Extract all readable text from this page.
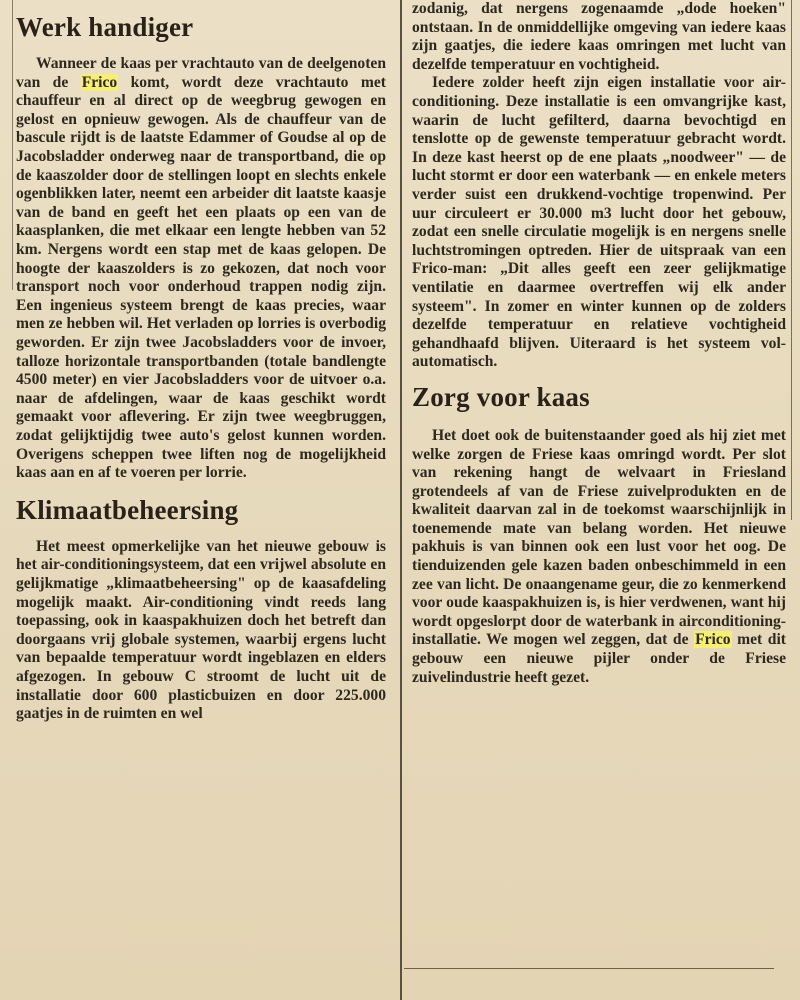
Werk handiger

Wanneer de kaas per vrachtauto van de deelgenoten van de Frico komt, wordt deze vrachtauto met chauffeur en al direct op de weegbrug gewogen en gelost en opnieuw gewogen. Als de chauffeur van de bascule rijdt is de laatste Edammer of Goudse al op de Jacobsladder onderweg naar de transportband, die op de kaaszolder door de stellingen loopt en slechts enkele ogenblikken later, neemt een arbeider dit laatste kaasje van de band en geeft het een plaats op een van de kaasplanken, die met elkaar een lengte hebben van 52 km. Nergens wordt een stap met de kaas gelopen. De hoogte der kaaszolders is zo gekozen, dat noch voor transport noch voor onderhoud trappen nodig zijn. Een ingenieus systeem brengt de kaas precies, waar men ze hebben wil. Het verladen op lorries is overbodig geworden. Er zijn twee Jacobsladders voor de invoer, talloze horizontale transportbanden (totale bandlengte 4500 meter) en vier Jacobsladders voor de uitvoer o.a. naar de afdelingen, waar de kaas geschikt wordt gemaakt voor aflevering. Er zijn twee weegbruggen, zodat gelijktijdig twee auto's gelost kunnen worden. Overigens scheppen twee liften nog de mogelijkheid kaas aan en af te voeren per lorrie.

Klimaatbeheersing

Het meest opmerkelijke van het nieuwe gebouw is het air-conditioningsysteem, dat een vrijwel absolute en gelijkmatige „klimaatbeheersing" op de kaasafdeling mogelijk maakt. Air-conditioning vindt reeds lang toepassing, ook in kaaspakhuizen doch het betreft dan doorgaans vrij globale systemen, waarbij ergens lucht van bepaalde temperatuur wordt ingeblazen en elders afgezogen. In gebouw C stroomt de lucht uit de installatie door 600 plasticbuizen en door 225.000 gaatjes in de ruimten en wel

zodanig, dat nergens zogenaamde „dode hoeken" ontstaan. In de onmiddellijke omgeving van iedere kaas zijn gaatjes, die iedere kaas omringen met lucht van dezelfde temperatuur en vochtigheid.

Iedere zolder heeft zijn eigen installatie voor air-conditioning. Deze installatie is een omvangrijke kast, waarin de lucht gefilterd, daarna bevochtigd en tenslotte op de gewenste temperatuur gebracht wordt. In deze kast heerst op de ene plaats „noodweer" — de lucht stormt er door een waterbank — en enkele meters verder suist een drukkend-vochtige tropenwind. Per uur circuleert er 30.000 m3 lucht door het gebouw, zodat een snelle circulatie mogelijk is en nergens snelle luchtstromingen optreden. Hier de uitspraak van een Frico-man: „Dit alles geeft een zeer gelijkmatige ventilatie en daarmee overtreffen wij elk ander systeem". In zomer en winter kunnen op de zolders dezelfde temperatuur en relatieve vochtigheid gehandhaafd blijven. Uiteraard is het systeem vol-automatisch.

Zorg voor kaas

Het doet ook de buitenstaander goed als hij ziet met welke zorgen de Friese kaas omringd wordt. Per slot van rekening hangt de welvaart in Friesland grotendeels af van de Friese zuivelprodukten en de kwaliteit daarvan zal in de toekomst waarschijnlijk in toenemende mate van belang worden. Het nieuwe pakhuis is van binnen ook een lust voor het oog. De tienduizenden gele kazen baden onbeschimmeld in een zee van licht. De onaangename geur, die zo kenmerkend voor oude kaaspakhuizen is, is hier verdwenen, want hij wordt opgeslorpt door de waterbank in airconditioning-installatie. We mogen wel zeggen, dat de Frico met dit gebouw een nieuwe pijler onder de Friese zuivelindustrie heeft gezet.
